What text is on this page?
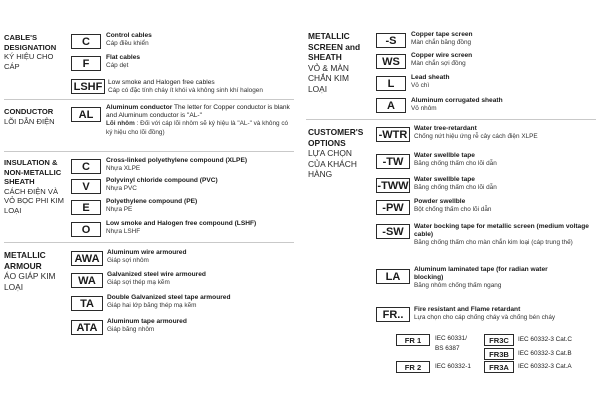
CABLE'S DESIGNATION
KÝ HIỆU CHO CÁP
C	Control cables
Cáp điều khiển
F	Flat cables
Cáp dẹt
LSHF Low smoke and Halogen free cables
Cáp có đặc tính cháy ít khói và không sinh khí halogen
CONDUCTOR
LÕI DẪN ĐIỆN
AL
Aluminum conductor The letter for Copper conductor is blank and Aluminum conductor is "AL-"
Lõi nhôm : Đối với cáp lõi nhôm sẽ ký hiệu là "AL-" và không có ký hiệu cho lõi đồng)
INSULATION & NON-METALLIC SHEATH
CÁCH ĐIỆN VÀ VỎ BỌC PHI KIM LOẠI
C	Cross-linked polyethylene compound (XLPE)
Nhựa XLPE
V	Polyvinyl chloride compound (PVC)
Nhựa PVC
E	Polyethylene compound (PE)
Nhựa PE
O	Low smoke and Halogen free compound (LSHF)
Nhựa LSHF
METALLIC ARMOUR
ÁO GIÁP KIM LOẠI
AWA	Aluminum wire armoured
Giáp sợi nhôm
WA	Galvanized steel wire armoured
Giáp sợi thép mạ kẽm
TA	Double Galvanized steel tape armoured
Giáp hai lớp băng thép mạ kẽm
ATA	Aluminum tape armoured
Giáp băng nhôm
METALLIC SCREEN and SHEATH
VỎ & MÀN CHẮN KIM LOẠI
-S	Copper tape screen
Màn chắn băng đồng
WS	Copper wire screen
Màn chắn sợi đồng
L	Lead sheath
Vỏ chì
A	Aluminum corrugated sheath
Vỏ nhôm
CUSTOMER'S OPTIONS
LỰA CHỌN CỦA KHÁCH HÀNG
-WTR	Water tree-retardant
Chống nứt hiệu ứng rễ cây cách điện XLPE
-TW	Water swellble tape
Băng chống thấm cho lõi dẫn
-TWW Water swellble tape
Băng chống thấm cho lõi dẫn
-PW	Powder swellble
Bột chống thấm cho lõi dẫn
-SW	Water bocking tape for metallic screen (medium voltage cable)
Băng chống thấm cho màn chắn kim loại (cáp trung thế)
LA
Aluminum laminated tape (for radian water blocking)
Băng nhôm chống thấm ngang
FR..	Fire resistant and Flame retardant
Lựa chọn cho cáp chống cháy và chống bén cháy
FR 1	IEC 60331/
BS 6387
FR 2	IEC 60332-1
FR3C	IEC 60332-3 Cat.C
FR3B	IEC 60332-3 Cat.B
FR3A	IEC 60332-3 Cat.A
